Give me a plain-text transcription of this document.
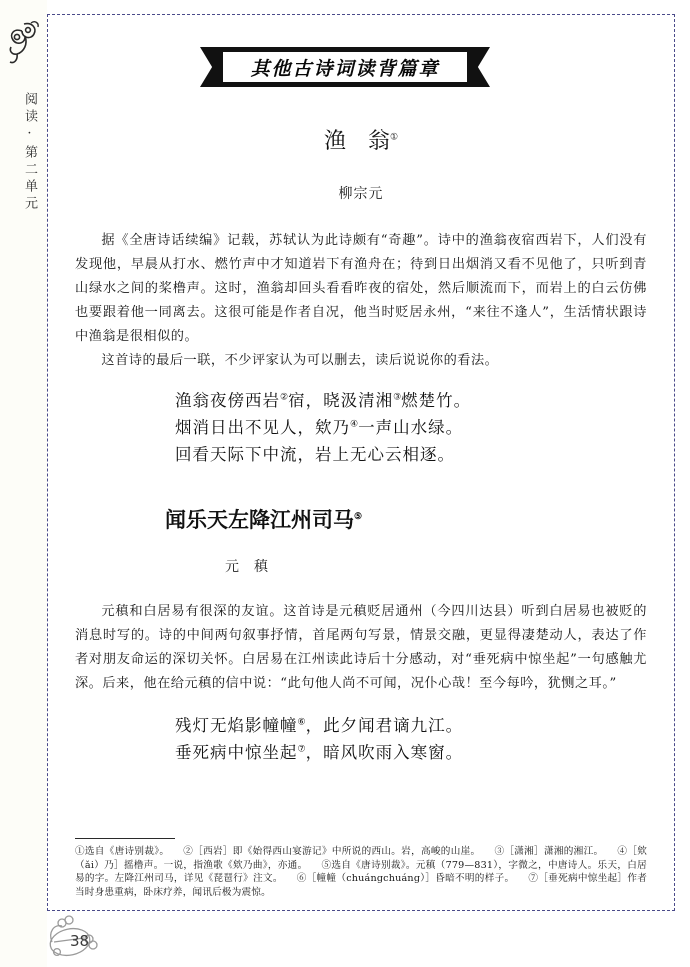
阅读·第二单元
其他古诗词读背篇章
渔 翁①
柳宗元

据《全唐诗话续编》记载，苏轼认为此诗颇有“奇趣”。诗中的渔翁夜宿西岩下，人们没有发现他，早晨从打水、燃竹声中才知道岩下有渔舟在；待到日出烟消又看不见他了，只听到青山绿水之间的桨橹声。这时，渔翁却回头看看昨夜的宿处，然后顺流而下，而岩上的白云仿佛也要跟着他一同离去。这很可能是作者自况，他当时贬居永州，“来往不逢人”，生活情状跟诗中渔翁是很相似的。

这首诗的最后一联，不少评家认为可以删去，读后说说你的看法。

渔翁夜傍西岩②宿，晓汲清湘③燃楚竹。

烟消日出不见人，欸乃④一声山水绿。

回看天际下中流，岩上无心云相逐。

闻乐天左降江州司马⑤
元 稹

元稹和白居易有很深的友谊。这首诗是元稹贬居通州（今四川达县）听到白居易也被贬的消息时写的。诗的中间两句叙事抒情，首尾两句写景，情景交融，更显得凄楚动人，表达了作者对朋友命运的深切关怀。白居易在江州读此诗后十分感动，对“垂死病中惊坐起”一句感触尤深。后来，他在给元稹的信中说：“此句他人尚不可闻，况仆心哉！至今每吟，犹恻之耳。”

残灯无焰影幢幢⑥，此夕闻君谪九江。

垂死病中惊坐起⑦，暗风吹雨入寒窗。

①选自《唐诗别裁》。 ②［西岩］即《始得西山宴游记》中所说的西山。岩，高峻的山崖。 ③［潇湘］潇湘的湘江。 ④［欸（ǎi）乃］摇橹声。一说，指渔歌《欸乃曲》，亦通。 ⑤选自《唐诗别裁》。元稹（779—831），字微之，中唐诗人。乐天，白居易的字。左降江州司马，详见《琵琶行》注文。 ⑥［幢幢（chuángchuáng）］昏暗不明的样子。 ⑦［垂死病中惊坐起］作者当时身患重病，卧床疗养，闻讯后极为震惊。
38
